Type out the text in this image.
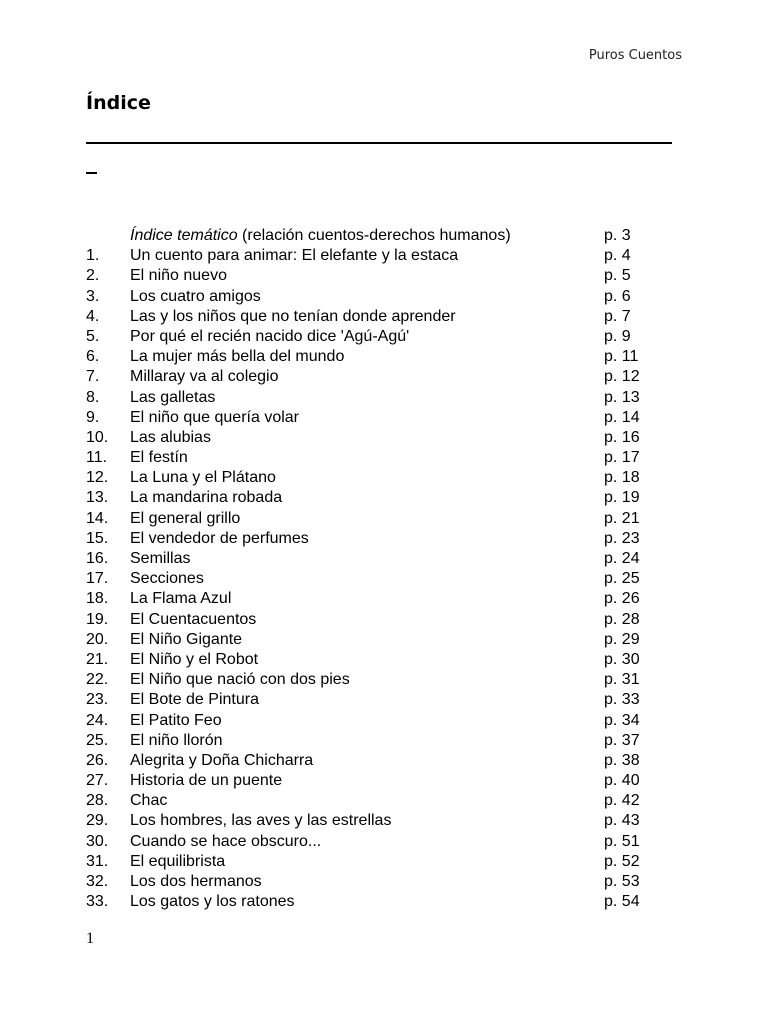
Puros Cuentos
Índice
Índice temático (relación cuentos-derechos humanos)	p. 3
1.	Un cuento para animar: El elefante y la estaca	p. 4
2.	El niño nuevo	p. 5
3.	Los cuatro amigos	p. 6
4.	Las y los niños que no tenían donde aprender	p. 7
5.	Por qué el recién nacido dice 'Agú-Agú'	p. 9
6.	La mujer más bella del mundo	p. 11
7.	Millaray va al colegio	p. 12
8.	Las galletas	p. 13
9.	El niño que quería volar	p. 14
10.	Las alubias	p. 16
11.	El festín	p. 17
12.	La Luna y el Plátano	p. 18
13.	La mandarina robada	p. 19
14.	El general grillo	p. 21
15.	El vendedor de perfumes	p. 23
16.	Semillas	p. 24
17.	Secciones	p. 25
18.	La Flama Azul	p. 26
19.	El Cuentacuentos	p. 28
20.	El Niño Gigante	p. 29
21.	El Niño y el Robot	p. 30
22.	El Niño que nació con dos pies	p. 31
23.	El Bote de Pintura	p. 33
24.	El Patito Feo	p. 34
25.	El niño llorón	p. 37
26.	Alegrita y Doña Chicharra	p. 38
27.	Historia de un puente	p. 40
28.	Chac	p. 42
29.	Los hombres, las aves y las estrellas	p. 43
30.	Cuando se hace obscuro...	p. 51
31.	El equilibrista	p. 52
32.	Los dos hermanos	p. 53
33.	Los gatos y los ratones	p. 54
1
